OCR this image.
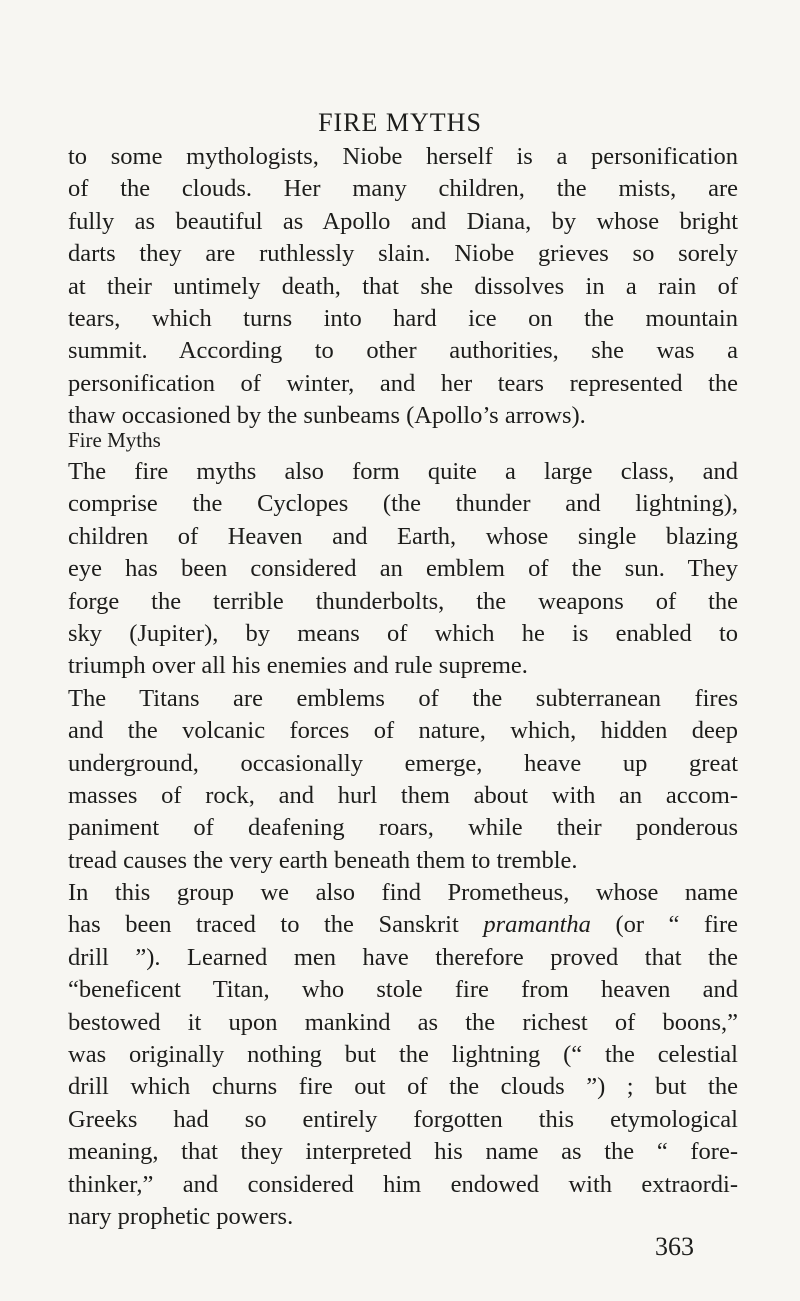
FIRE MYTHS
to some mythologists, Niobe herself is a personification
of the clouds. Her many children, the mists, are
fully as beautiful as Apollo and Diana, by whose bright
darts they are ruthlessly slain. Niobe grieves so sorely
at their untimely death, that she dissolves in a rain of
tears, which turns into hard ice on the mountain
summit. According to other authorities, she was a
personification of winter, and her tears represented the
thaw occasioned by the sunbeams (Apollo’s arrows).
Fire Myths
The fire myths also form quite a large class, and
comprise the Cyclopes (the thunder and lightning),
children of Heaven and Earth, whose single blazing
eye has been considered an emblem of the sun. They
forge the terrible thunderbolts, the weapons of the
sky (Jupiter), by means of which he is enabled to
triumph over all his enemies and rule supreme.
The Titans are emblems of the subterranean fires
and the volcanic forces of nature, which, hidden deep
underground, occasionally emerge, heave up great
masses of rock, and hurl them about with an accom-
paniment of deafening roars, while their ponderous
tread causes the very earth beneath them to tremble.
In this group we also find Prometheus, whose name
has been traced to the Sanskrit pramantha (or “ fire
drill ”). Learned men have therefore proved that the
“beneficent Titan, who stole fire from heaven and
bestowed it upon mankind as the richest of boons,”
was originally nothing but the lightning (“ the celestial
drill which churns fire out of the clouds ”) ; but the
Greeks had so entirely forgotten this etymological
meaning, that they interpreted his name as the “ fore-
thinker,” and considered him endowed with extraordi-
nary prophetic powers.
363
